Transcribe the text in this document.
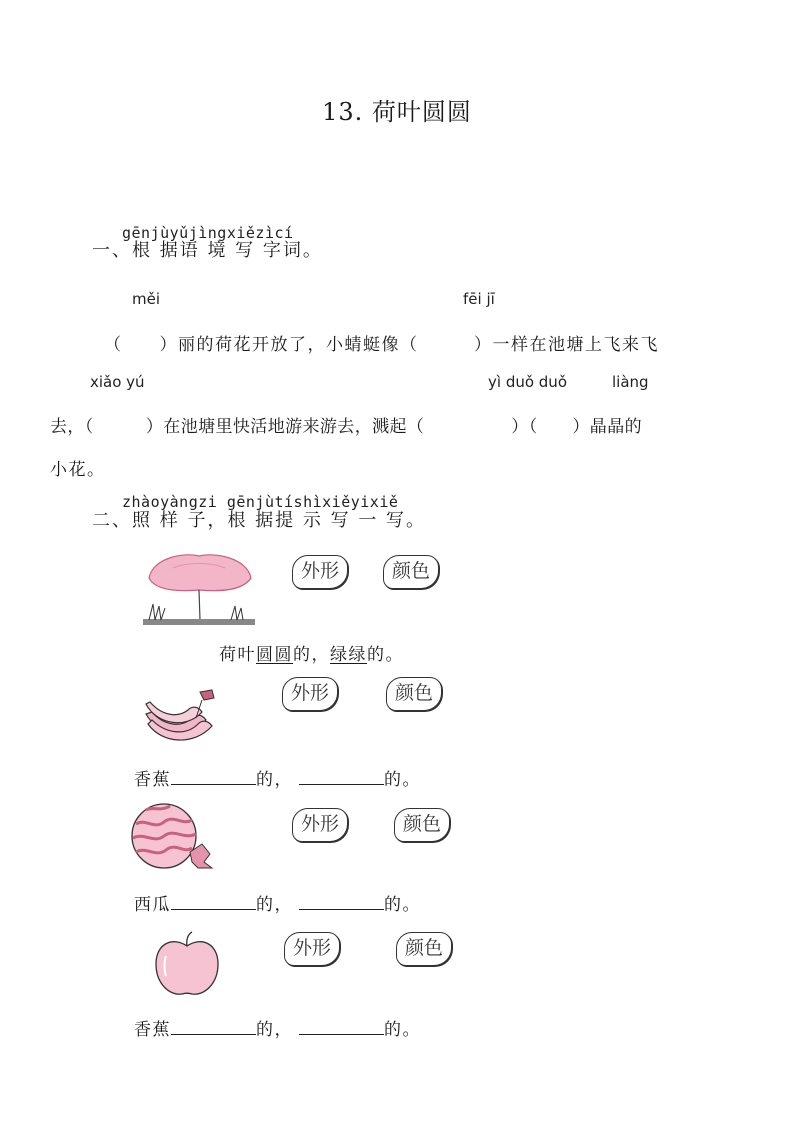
13. 荷叶圆圆
gēnjùyǔjìngxiězìcí
一、根 据语 境 写 字词。
měi	fēi jī
（　　）丽的荷花开放了，小蜻蜓像（　　　）一样在池塘上飞来飞
xiǎo yú	yì duǒ duǒ	liàng
去，（　　　）在池塘里快活地游来游去，溅起（　　　　　）（　　）晶晶的
小花。
zhàoyàngzi gēnjùtíshìxiěyixiě
二、照 样 子，根 据提 示 写 一 写。
外形	颜色
荷叶圆圆的，绿绿的。
外形	颜色
香蕉	的，	的。
外形	颜色
西瓜	的，	的。
外形	颜色
香蕉	的，	的。
